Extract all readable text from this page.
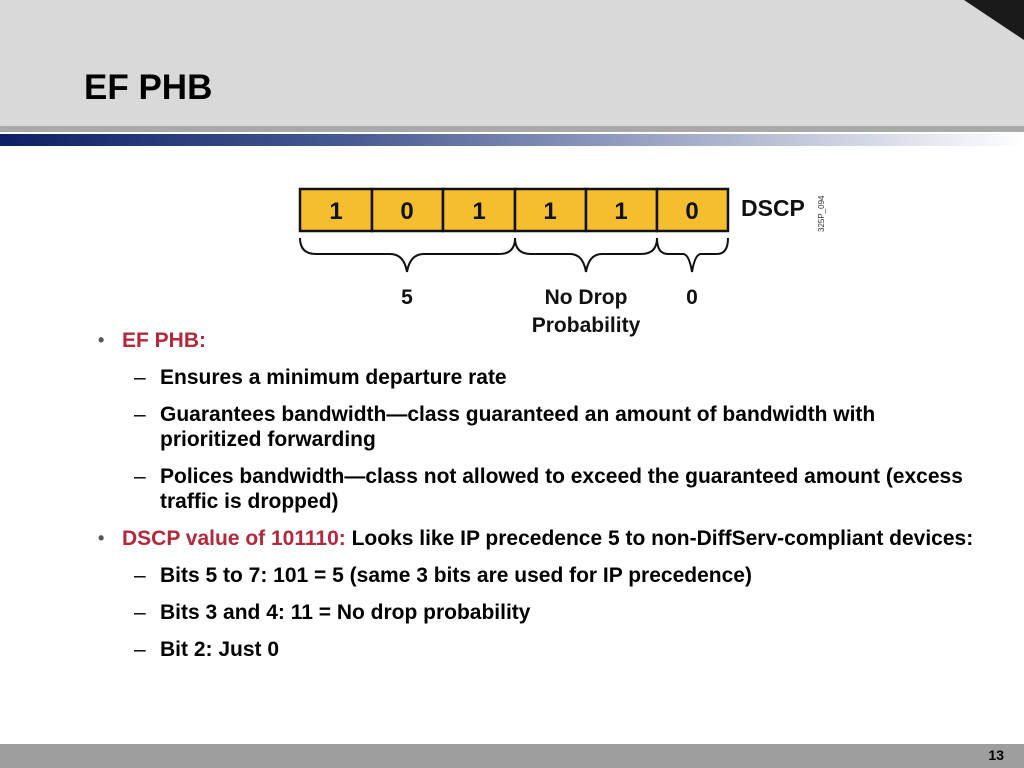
EF PHB
1 0 1 1 1 0 DSCP 325P_094
5	No Drop
Probability
0
• EF PHB:
– Ensures a minimum departure rate
– Guarantees bandwidth—class guaranteed an amount of bandwidth with prioritized forwarding
– Polices bandwidth—class not allowed to exceed the guaranteed amount (excess traffic is dropped)
• DSCP value of 101110: Looks like IP precedence 5 to non-DiffServ-compliant devices:
– Bits 5 to 7: 101 = 5 (same 3 bits are used for IP precedence)
– Bits 3 and 4: 11 = No drop probability
– Bit 2: Just 0
13
